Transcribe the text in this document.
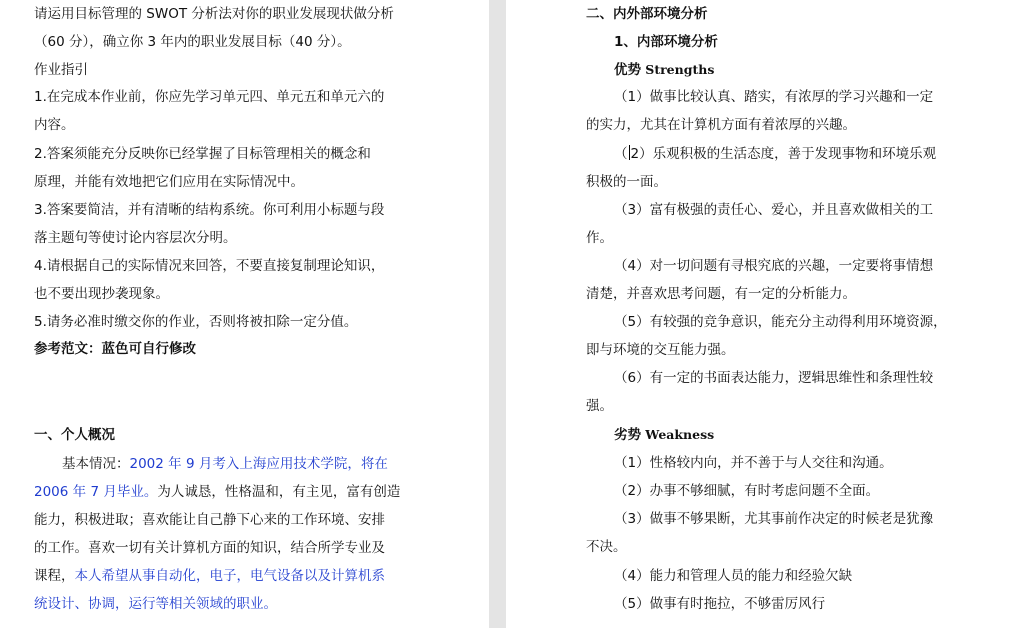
请运用目标管理的 SWOT 分析法对你的职业发展现状做分析
（60 分），确立你 3 年内的职业发展目标（40 分）。
作业指引
1.在完成本作业前，你应先学习单元四、单元五和单元六的
内容。
2.答案须能充分反映你已经掌握了目标管理相关的概念和
原理，并能有效地把它们应用在实际情况中。
3.答案要简洁，并有清晰的结构系统。你可利用小标题与段
落主题句等使讨论内容层次分明。
4.请根据自己的实际情况来回答，不要直接复制理论知识，
也不要出现抄袭现象。
5.请务必准时缴交你的作业，否则将被扣除一定分值。
参考范文：蓝色可自行修改
一、个人概况
基本情况：2002 年 9 月考入上海应用技术学院，将在
2006 年 7 月毕业。为人诚恳，性格温和，有主见，富有创造
能力，积极进取；喜欢能让自己静下心来的工作环境、安排
的工作。喜欢一切有关计算机方面的知识，结合所学专业及
课程，本人希望从事自动化，电子，电气设备以及计算机系
统设计、协调，运行等相关领域的职业。
二、内外部环境分析
1、内部环境分析
优势 Strengths
（1）做事比较认真、踏实，有浓厚的学习兴趣和一定
的实力，尤其在计算机方面有着浓厚的兴趣。
（ 2）乐观积极的生活态度，善于发现事物和环境乐观
积极的一面。
（3）富有极强的责任心、爱心，并且喜欢做相关的工
作。
（4）对一切问题有寻根究底的兴趣，一定要将事情想
清楚，并喜欢思考问题，有一定的分析能力。
（5）有较强的竞争意识，能充分主动得利用环境资源，
即与环境的交互能力强。
（6）有一定的书面表达能力，逻辑思维性和条理性较
强。
劣势 Weakness
（1）性格较内向，并不善于与人交往和沟通。
（2）办事不够细腻，有时考虑问题不全面。
（3）做事不够果断，尤其事前作决定的时候老是犹豫
不决。
（4）能力和管理人员的能力和经验欠缺
（5）做事有时拖拉，不够雷厉风行
